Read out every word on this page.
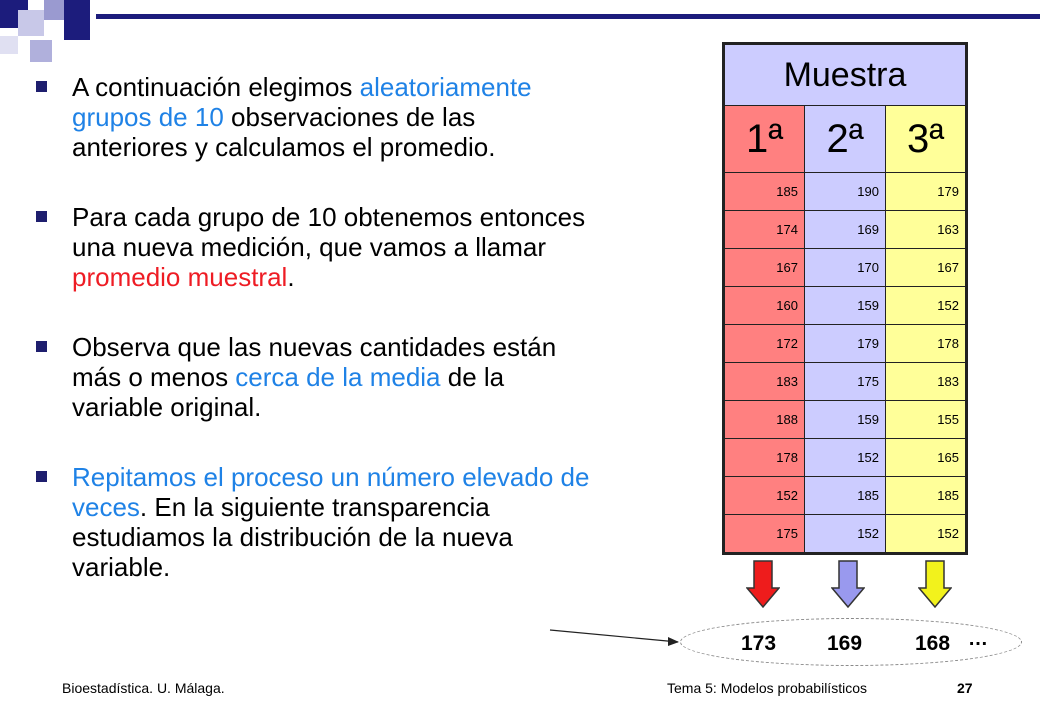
A continuación elegimos aleatoriamente grupos de 10 observaciones de las anteriores y calculamos el promedio.
Para cada grupo de 10 obtenemos entonces una nueva medición, que vamos a llamar promedio muestral.
Observa que las nuevas cantidades están más o menos cerca de la media de la variable original.
Repitamos el proceso un número elevado de veces. En la siguiente transparencia estudiamos la distribución de la nueva variable.
Muestra		
1ª	2ª	3ª
185	190	179
174	169	163
167	170	167
160	159	152
172	179	178
183	175	183
188	159	155
178	152	165
152	185	185
175	152	152
173 169	168 …
Bioestadística. U. Málaga.	Tema 5: Modelos probabilísticos	27
